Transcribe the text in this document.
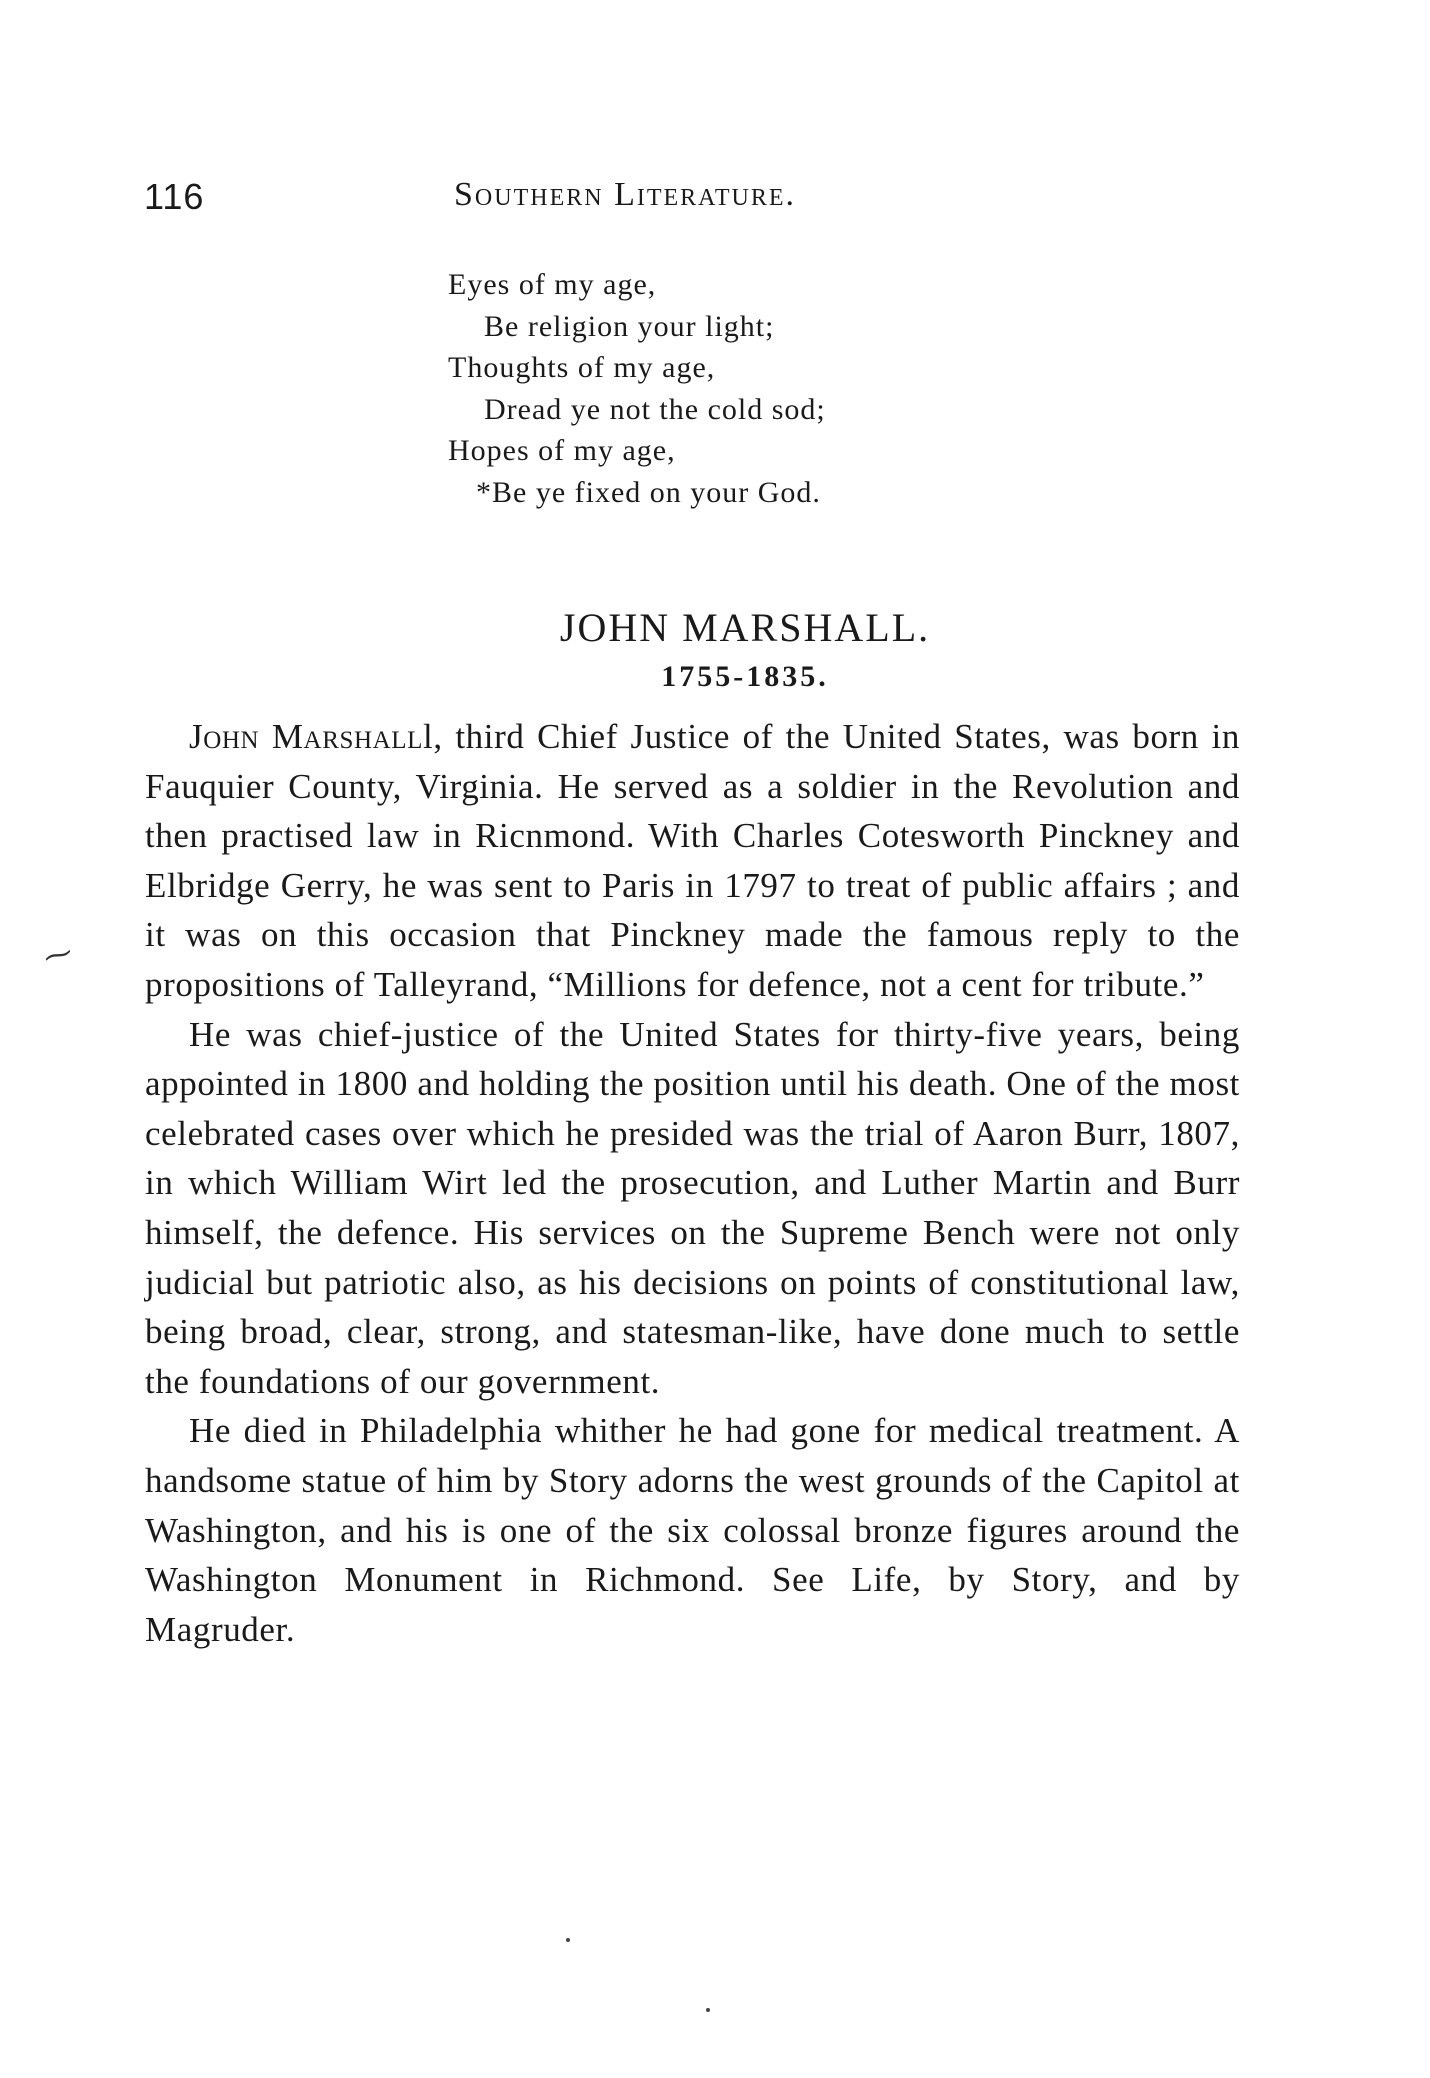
116	Southern Literature.
Eyes of my age,
Be religion your light;
Thoughts of my age,
Dread ye not the cold sod;
Hopes of my age,
*Be ye fixed on your God.
JOHN MARSHALL.
1755-1835.
⁓

John Marshalll, third Chief Justice of the United States, was born in Fauquier County, Virginia. He served as a soldier in the Revolution and then practised law in Ricnmond. With Charles Cotesworth Pinckney and Elbridge Gerry, he was sent to Paris in 1797 to treat of public affairs ; and it was on this occasion that Pinckney made the famous reply to the propositions of Talleyrand, “Millions for defence, not a cent for tribute.”

He was chief-justice of the United States for thirty-five years, being appointed in 1800 and holding the position until his death. One of the most celebrated cases over which he presided was the trial of Aaron Burr, 1807, in which William Wirt led the prosecution, and Luther Martin and Burr himself, the defence. His services on the Supreme Bench were not only judicial but patriotic also, as his decisions on points of constitutional law, being broad, clear, strong, and statesman-like, have done much to settle the foundations of our government.

He died in Philadelphia whither he had gone for medical treatment. A handsome statue of him by Story adorns the west grounds of the Capitol at Washington, and his is one of the six colossal bronze figures around the Washington Monument in Richmond. See Life, by Story, and by Magruder.
